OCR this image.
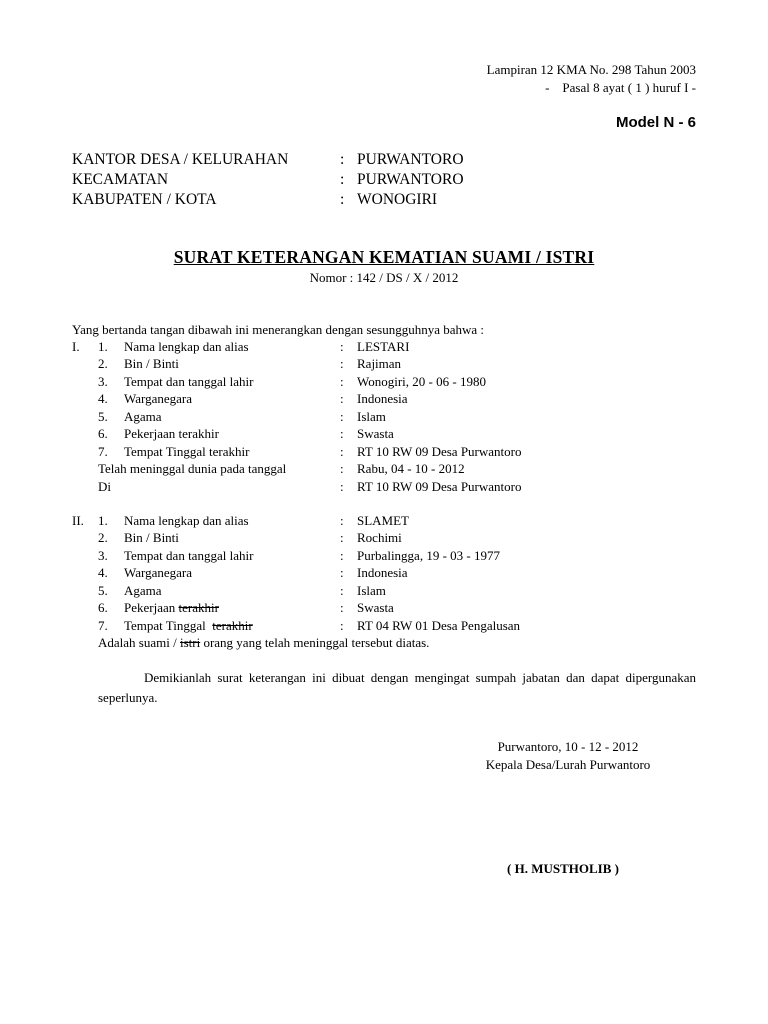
Lampiran 12 KMA No. 298 Tahun 2003
-    Pasal 8 ayat ( 1 ) huruf I -
Model N - 6
KANTOR DESA / KELURAHAN	: PURWANTORO
KECAMATAN	: PURWANTORO
KABUPATEN / KOTA	: WONOGIRI
SURAT KETERANGAN KEMATIAN SUAMI / ISTRI
Nomor : 142 / DS / X / 2012
Yang bertanda tangan dibawah ini menerangkan dengan sesungguhnya bahwa :
I. 1. Nama lengkap dan alias	: LESTARI
2. Bin / Binti	: Rajiman
3. Tempat dan tanggal lahir	: Wonogiri, 20 - 06 - 1980
4. Warganegara	: Indonesia
5. Agama	: Islam
6. Pekerjaan terakhir	: Swasta
7. Tempat Tinggal terakhir	: RT 10 RW 09 Desa Purwantoro
Telah meninggal dunia pada tanggal	: Rabu, 04 - 10 - 2012
Di	: RT 10 RW 09 Desa Purwantoro
II. 1. Nama lengkap dan alias	: SLAMET
2. Bin / Binti	: Rochimi
3. Tempat dan tanggal lahir	: Purbalingga, 19 - 03 - 1977
4. Warganegara	: Indonesia
5. Agama	: Islam
6. Pekerjaan terakhir	: Swasta
7. Tempat Tinggal terakhir	: RT 04 RW 01 Desa Pengalusan
Adalah suami / istri orang yang telah meninggal tersebut diatas.
Demikianlah surat keterangan ini dibuat dengan mengingat sumpah jabatan dan dapat dipergunakan seperlunya.
Purwantoro, 10 - 12 - 2012
Kepala Desa/Lurah Purwantoro
( H. MUSTHOLIB )
